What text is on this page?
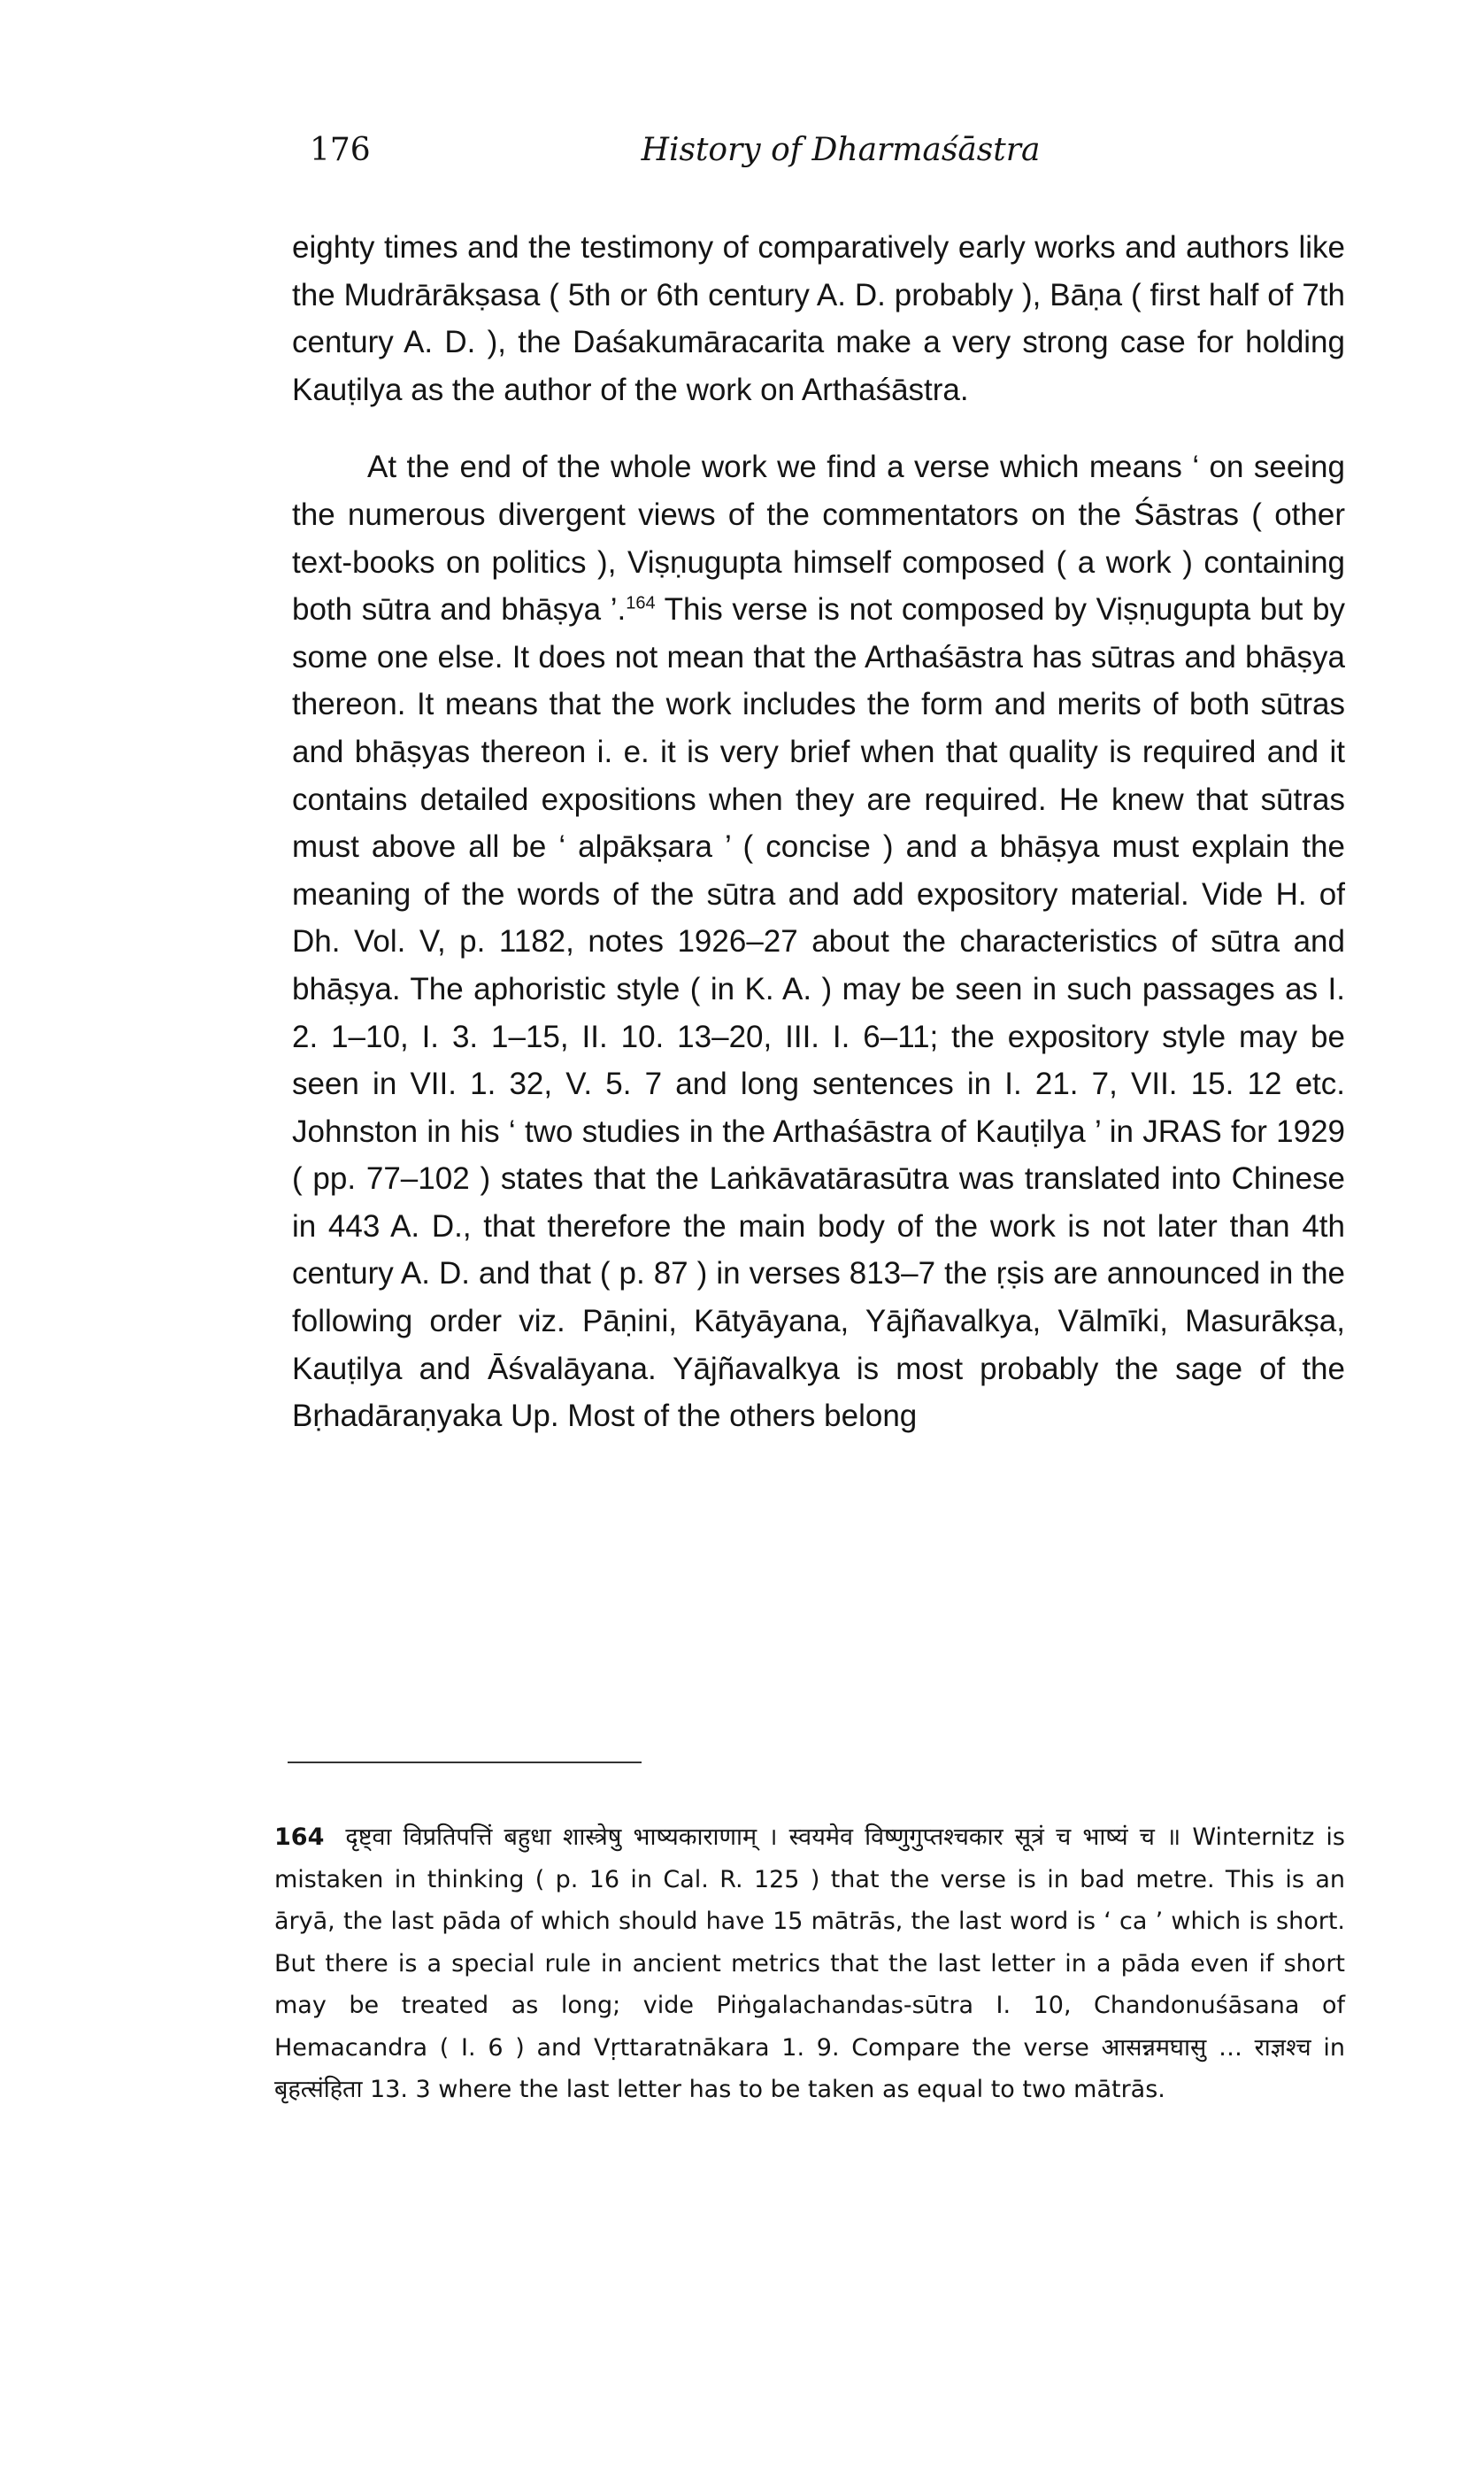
176	History of Dharmaśāstra

eighty times and the testimony of comparatively early works and authors like the Mudrārākṣasa ( 5th or 6th century A. D. probably ), Bāṇa ( first half of 7th century A. D. ), the Daśakumāracarita make a very strong case for holding Kauṭilya as the author of the work on Arthaśāstra.

At the end of the whole work we find a verse which means ‘ on seeing the numerous divergent views of the commentators on the Śāstras ( other text-books on politics ), Viṣṇugupta himself composed ( a work ) containing both sūtra and bhāṣya ’.$^{164}$ This verse is not composed by Viṣṇugupta but by some one else. It does not mean that the Arthaśāstra has sūtras and bhāṣya thereon. It means that the work includes the form and merits of both sūtras and bhāṣyas thereon i. e. it is very brief when that quality is required and it contains detailed expositions when they are required. He knew that sūtras must above all be ‘ alpākṣara ’ ( concise ) and a bhāṣya must explain the meaning of the words of the sūtra and add expository material. Vide H. of Dh. Vol. V, p. 1182, notes 1926–27 about the characteristics of sūtra and bhāṣya. The aphoristic style ( in K. A. ) may be seen in such passages as I. 2. 1–10, I. 3. 1–15, II. 10. 13–20, III. I. 6–11; the expository style may be seen in VII. 1. 32, V. 5. 7 and long sentences in I. 21. 7, VII. 15. 12 etc. Johnston in his ‘ two studies in the Arthaśāstra of Kauṭilya ’ in JRAS for 1929 ( pp. 77–102 ) states that the Laṅkāvatārasūtra was translated into Chinese in 443 A. D., that therefore the main body of the work is not later than 4th century A. D. and that ( p. 87 ) in verses 813–7 the ṛṣis are announced in the following order viz. Pāṇini, Kātyāyana, Yājñavalkya, Vālmīki, Masurākṣa, Kauṭilya and Āśvalāyana. Yājñavalkya is most probably the sage of the Bṛhadāraṇyaka Up. Most of the others belong

164 दृष्ट्वा विप्रतिपत्तिं बहुधा शास्त्रेषु भाष्यकाराणाम् । स्वयमेव विष्णुगुप्तश्चकार सूत्रं च भाष्यं च ॥ Winternitz is mistaken in thinking ( p. 16 in Cal. R. 125 ) that the verse is in bad metre. This is an āryā, the last pāda of which should have 15 mātrās, the last word is ‘ ca ’ which is short. But there is a special rule in ancient metrics that the last letter in a pāda even if short may be treated as long; vide Piṅgalachandas-sūtra I. 10, Chandonuśāsana of Hemacandra ( I. 6 ) and Vṛttaratnākara 1. 9. Compare the verse आसन्नमघासु … राज्ञश्च in बृहत्संहिता 13. 3 where the last letter has to be taken as equal to two mātrās.
